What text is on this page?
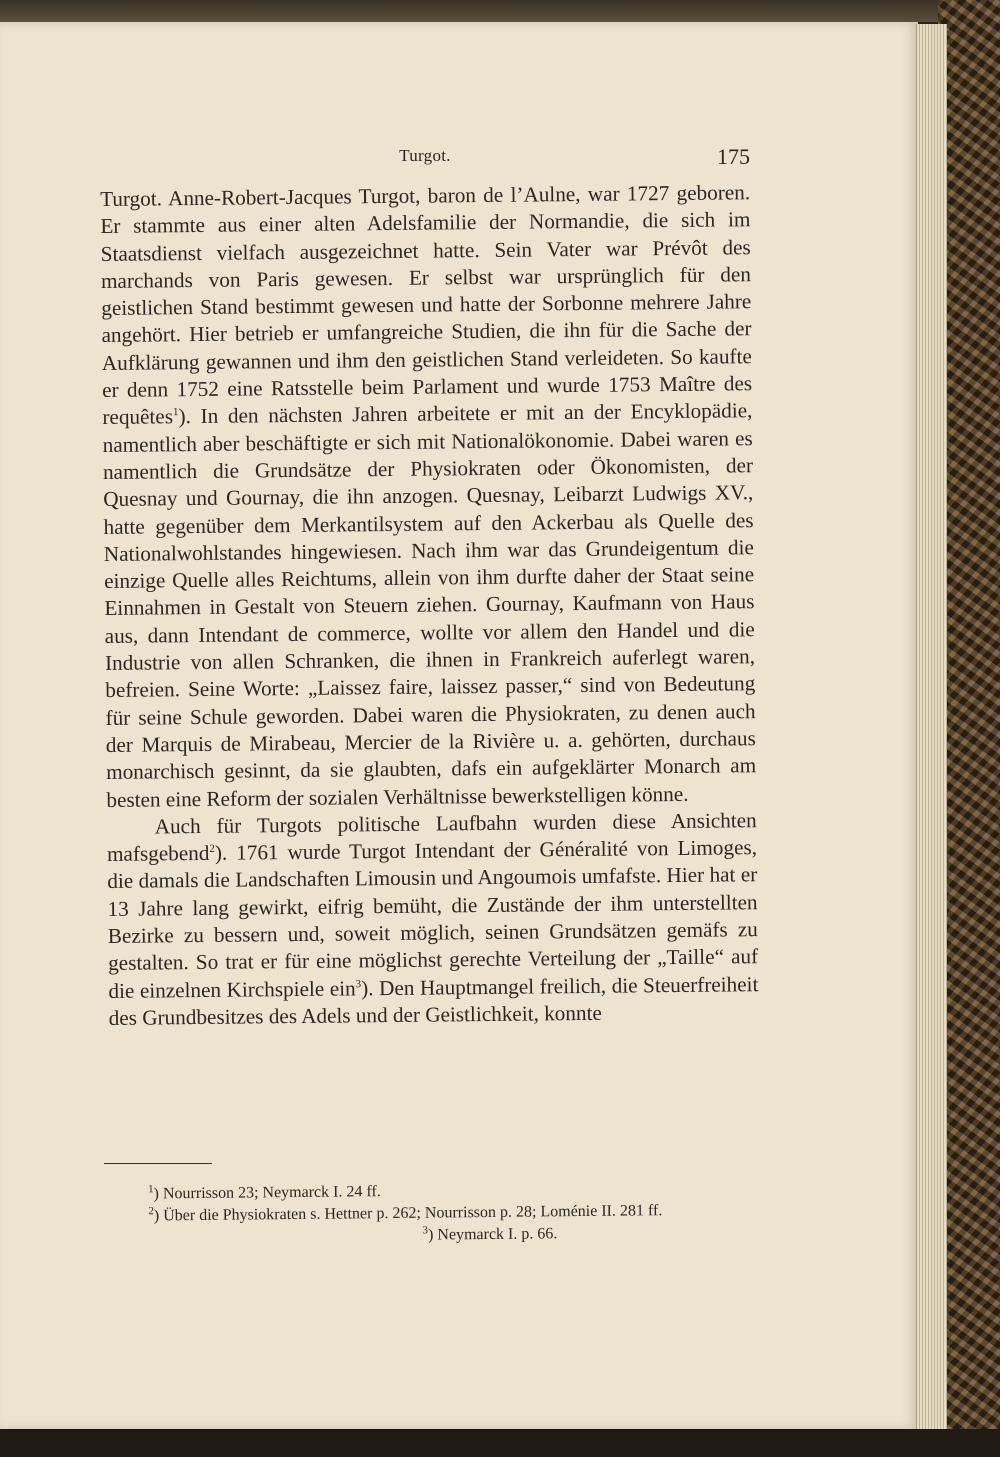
Turgot.	175

Turgot. Anne-Robert-Jacques Turgot, baron de l’Aulne, war 1727 geboren. Er stammte aus einer alten Adelsfamilie der Normandie, die sich im Staatsdienst vielfach ausgezeichnet hatte. Sein Vater war Prévôt des marchands von Paris gewesen. Er selbst war ursprünglich für den geistlichen Stand bestimmt gewesen und hatte der Sorbonne mehrere Jahre angehört. Hier betrieb er umfangreiche Studien, die ihn für die Sache der Aufklärung gewannen und ihm den geistlichen Stand verleideten. So kaufte er denn 1752 eine Ratsstelle beim Parlament und wurde 1753 Maître des requêtes$^1$). In den nächsten Jahren arbeitete er mit an der Encyklopädie, namentlich aber beschäftigte er sich mit Nationalökonomie. Dabei waren es namentlich die Grundsätze der Physiokraten oder Ökonomisten, der Quesnay und Gournay, die ihn anzogen. Quesnay, Leibarzt Ludwigs XV., hatte gegenüber dem Merkantilsystem auf den Ackerbau als Quelle des Nationalwohlstandes hingewiesen. Nach ihm war das Grundeigentum die einzige Quelle alles Reichtums, allein von ihm durfte daher der Staat seine Einnahmen in Gestalt von Steuern ziehen. Gournay, Kaufmann von Haus aus, dann Intendant de commerce, wollte vor allem den Handel und die Industrie von allen Schranken, die ihnen in Frankreich auferlegt waren, befreien. Seine Worte: „Laissez faire, laissez passer,“ sind von Bedeutung für seine Schule geworden. Dabei waren die Physiokraten, zu denen auch der Marquis de Mirabeau, Mercier de la Rivière u. a. gehörten, durchaus monarchisch gesinnt, da sie glaubten, dafs ein aufgeklärter Monarch am besten eine Reform der sozialen Verhältnisse bewerkstelligen könne.

Auch für Turgots politische Laufbahn wurden diese Ansichten mafsgebend$^2$). 1761 wurde Turgot Intendant der Généralité von Limoges, die damals die Landschaften Limousin und Angoumois umfafste. Hier hat er 13 Jahre lang gewirkt, eifrig bemüht, die Zustände der ihm unterstellten Bezirke zu bessern und, soweit möglich, seinen Grundsätzen gemäfs zu gestalten. So trat er für eine möglichst gerechte Verteilung der „Taille“ auf die einzelnen Kirchspiele ein$^3$). Den Hauptmangel freilich, die Steuerfreiheit des Grundbesitzes des Adels und der Geistlichkeit, konnte

$^1$) Nourrisson 23; Neymarck I. 24 ff.

$^2$) Über die Physiokraten s. Hettner p. 262; Nourrisson p. 28; Loménie II. 281 ff.

$^3$) Neymarck I. p. 66.
